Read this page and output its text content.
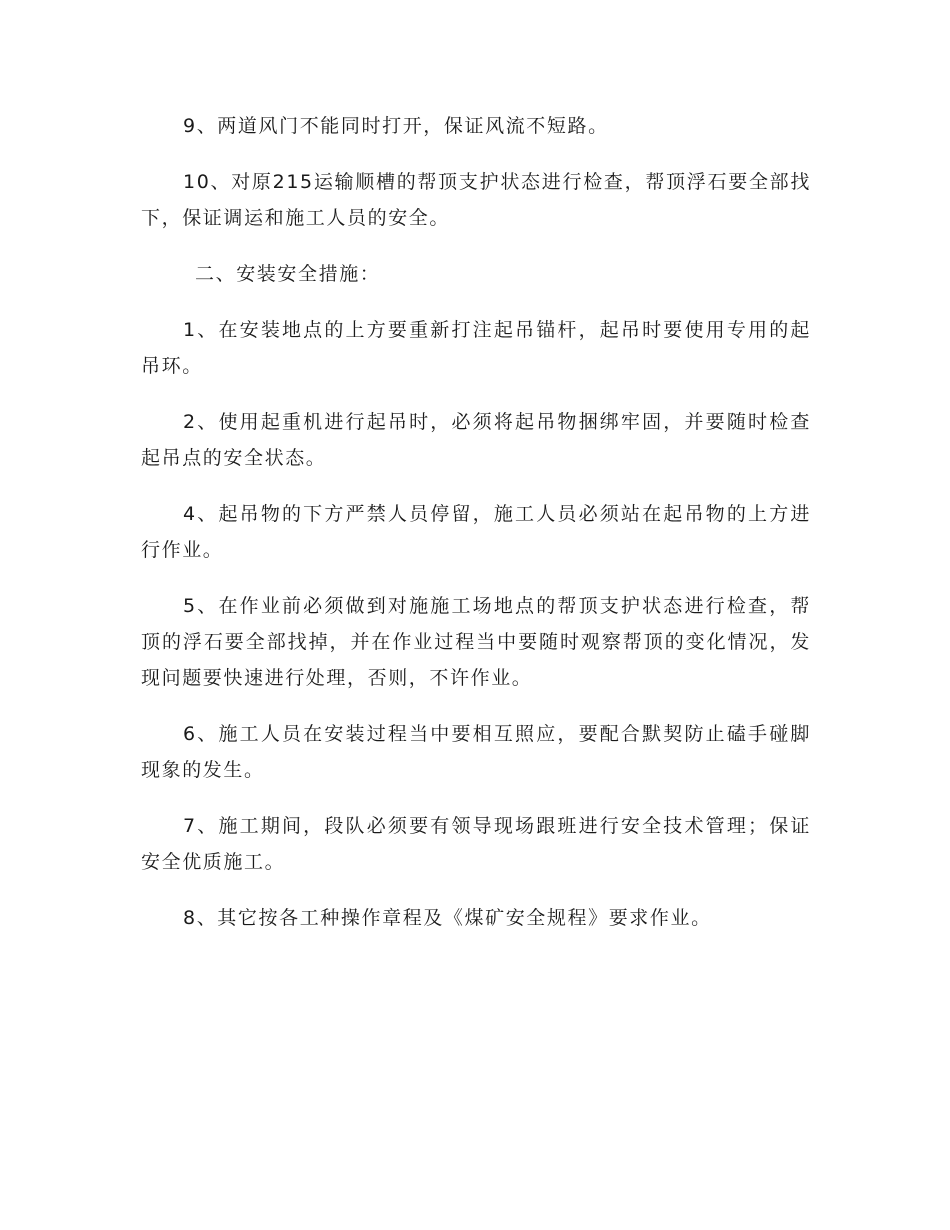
9、两道风门不能同时打开，保证风流不短路。

10、对原215运输顺槽的帮顶支护状态进行检查，帮顶浮石要全部找下，保证调运和施工人员的安全。

二、安装安全措施：

1、在安装地点的上方要重新打注起吊锚杆，起吊时要使用专用的起吊环。

2、使用起重机进行起吊时，必须将起吊物捆绑牢固，并要随时检查起吊点的安全状态。

4、起吊物的下方严禁人员停留，施工人员必须站在起吊物的上方进行作业。

5、在作业前必须做到对施施工场地点的帮顶支护状态进行检查，帮顶的浮石要全部找掉，并在作业过程当中要随时观察帮顶的变化情况，发现问题要快速进行处理，否则，不许作业。

6、施工人员在安装过程当中要相互照应，要配合默契防止磕手碰脚现象的发生。

7、施工期间，段队必须要有领导现场跟班进行安全技术管理；保证安全优质施工。

8、其它按各工种操作章程及《煤矿安全规程》要求作业。
